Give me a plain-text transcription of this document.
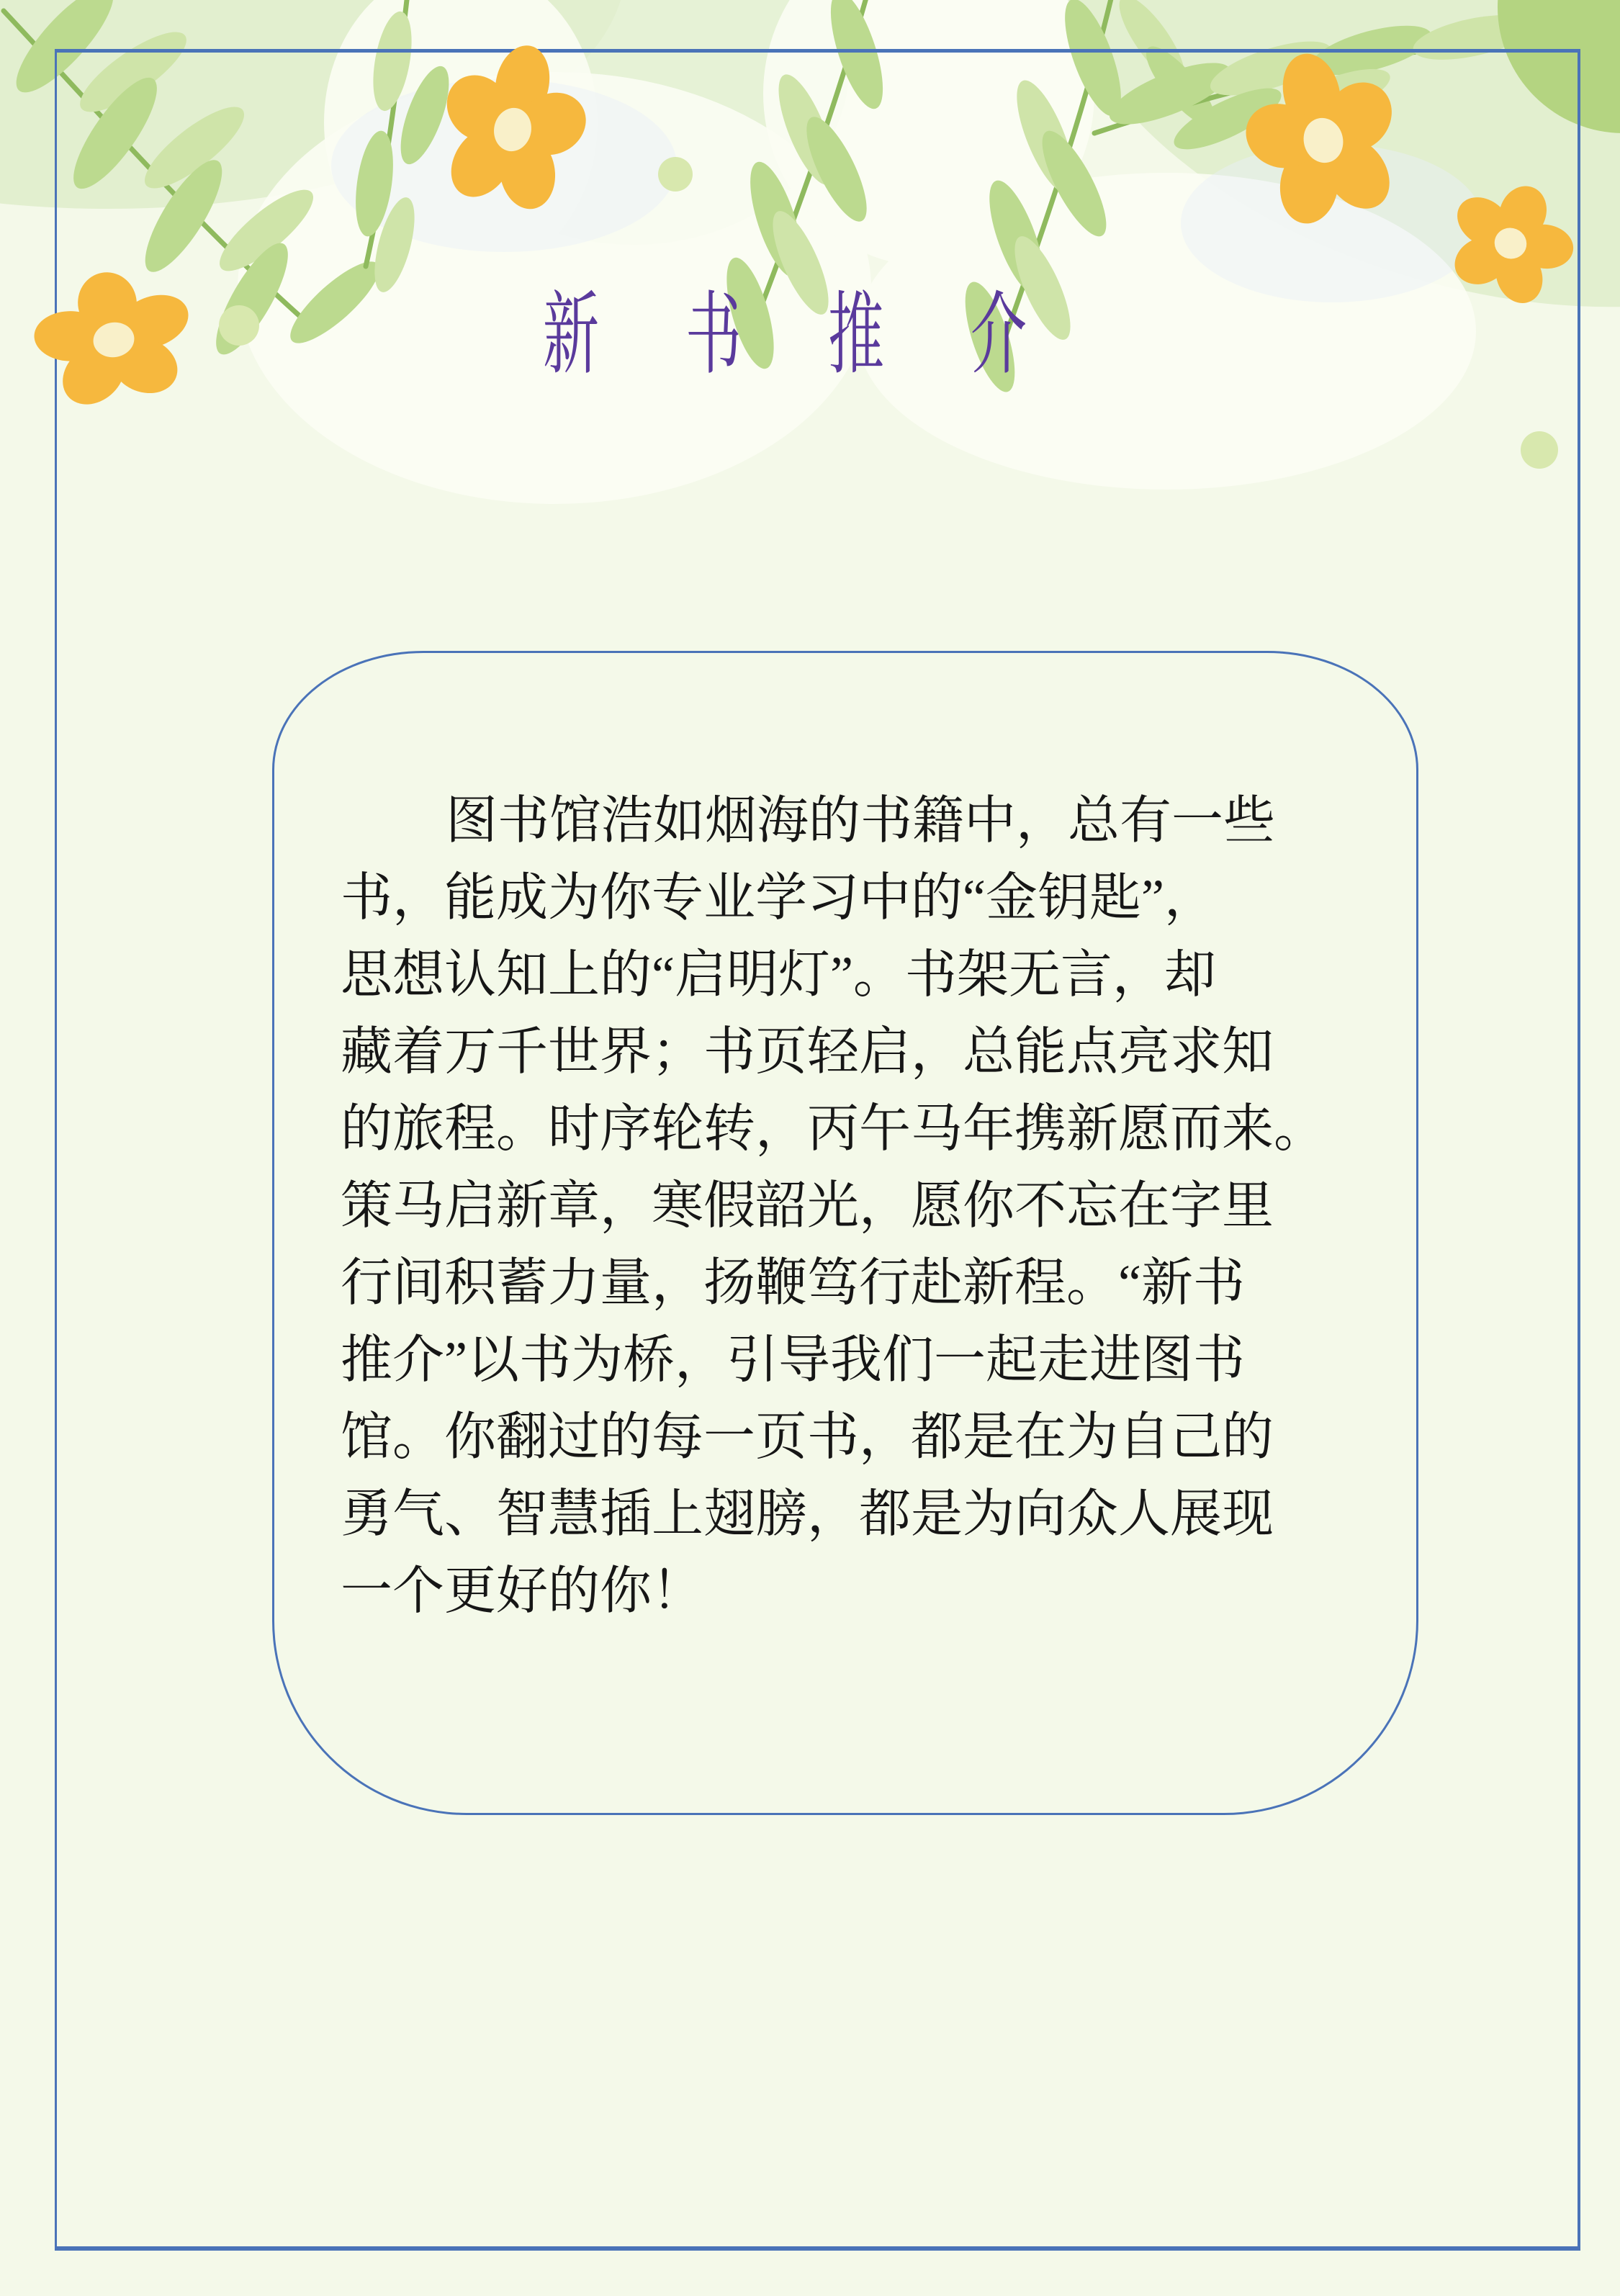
新 书 推 介
图书馆浩如烟海的书籍中，总有一些
书，能成为你专业学习中的“金钥匙”，
思想认知上的“启明灯”。书架无言，却
藏着万千世界；书页轻启，总能点亮求知
的旅程。时序轮转，丙午马年携新愿而来。
策马启新章，寒假韶光，愿你不忘在字里
行间积蓄力量，扬鞭笃行赴新程。“新书
推介”以书为桥，引导我们一起走进图书
馆。你翻过的每一页书，都是在为自己的
勇气、智慧插上翅膀，都是为向众人展现
一个更好的你！
